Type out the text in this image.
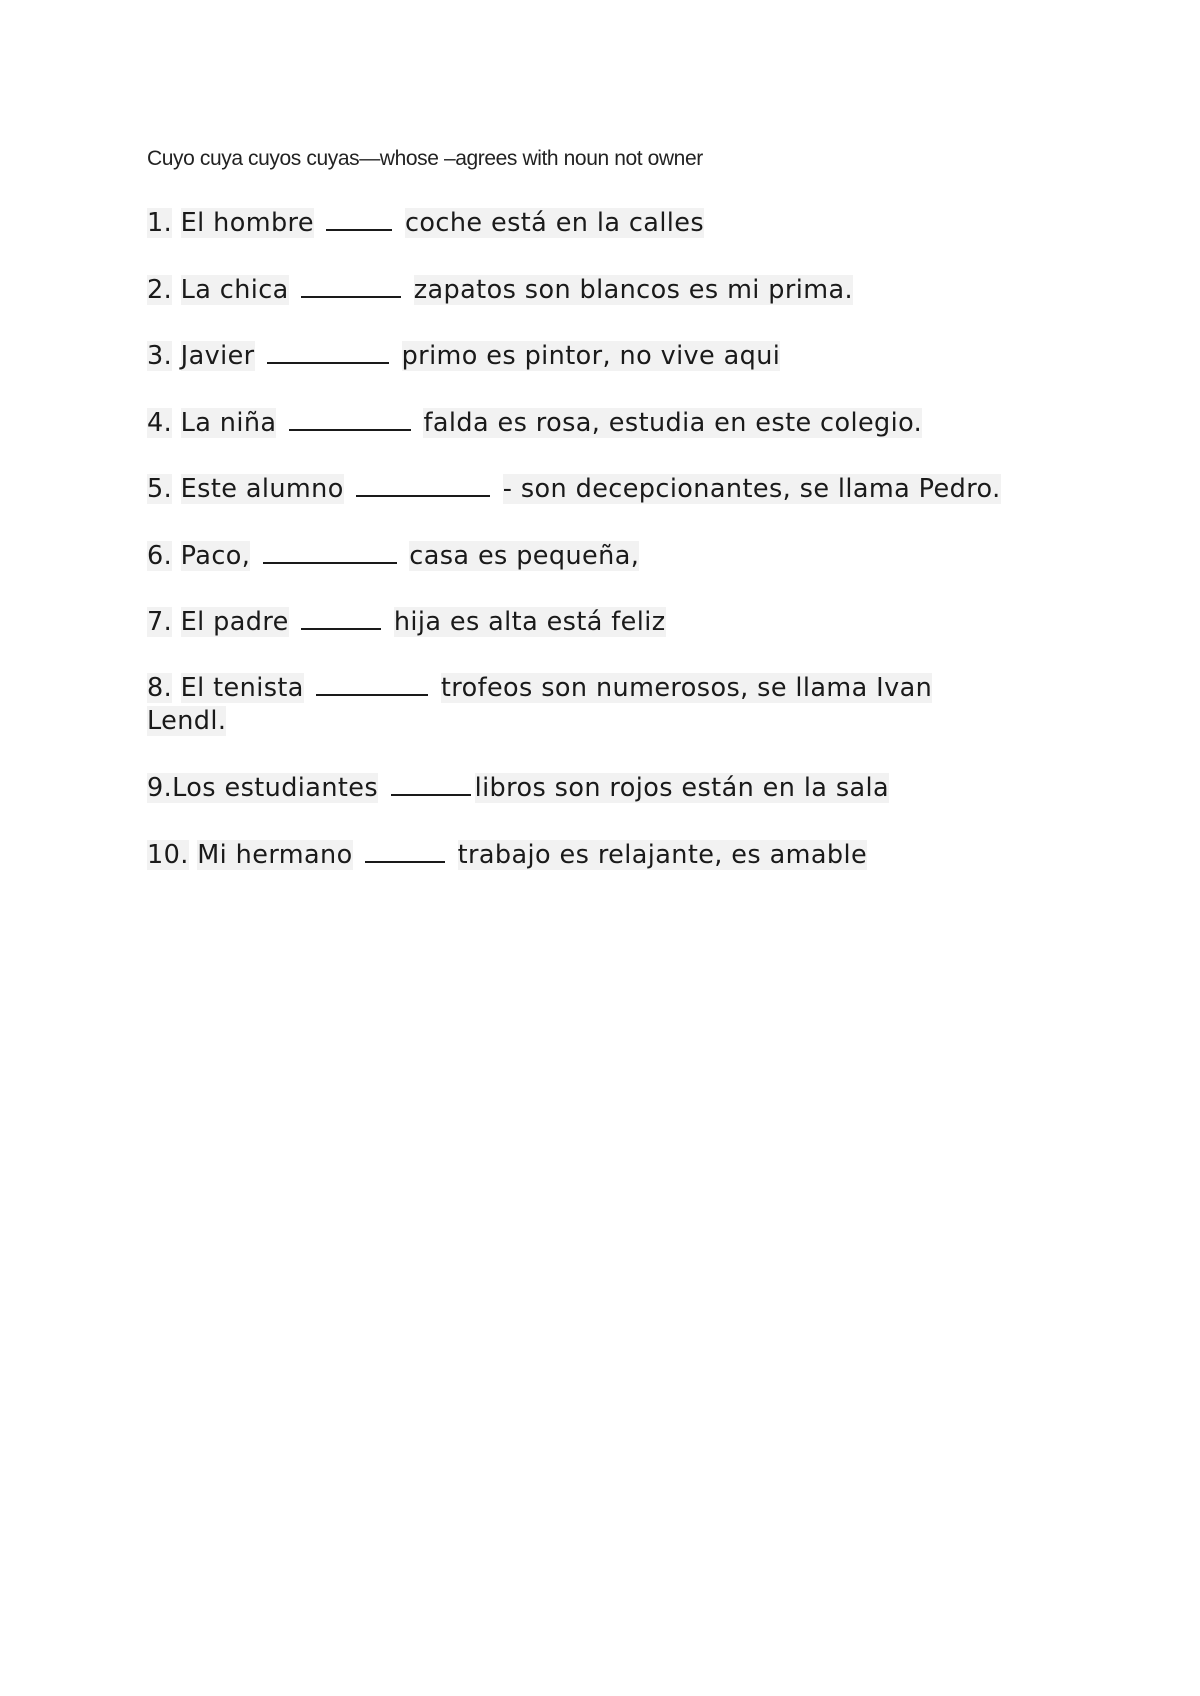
Cuyo cuya cuyos cuyas—whose –agrees with noun not owner
1. El hombre	coche está en la calles
2. La chica	zapatos son blancos es mi prima.
3. Javier	primo es pintor, no vive aqui
4. La niña	falda es rosa, estudia en este colegio.
5. Este alumno	- son decepcionantes, se llama Pedro.
6. Paco,	casa es pequeña,
7. El padre	hija es alta está feliz
8. El tenista	trofeos son numerosos, se llama Ivan
Lendl.
9.Los estudiantes	libros son rojos están en la sala
10. Mi hermano	trabajo es relajante, es amable
